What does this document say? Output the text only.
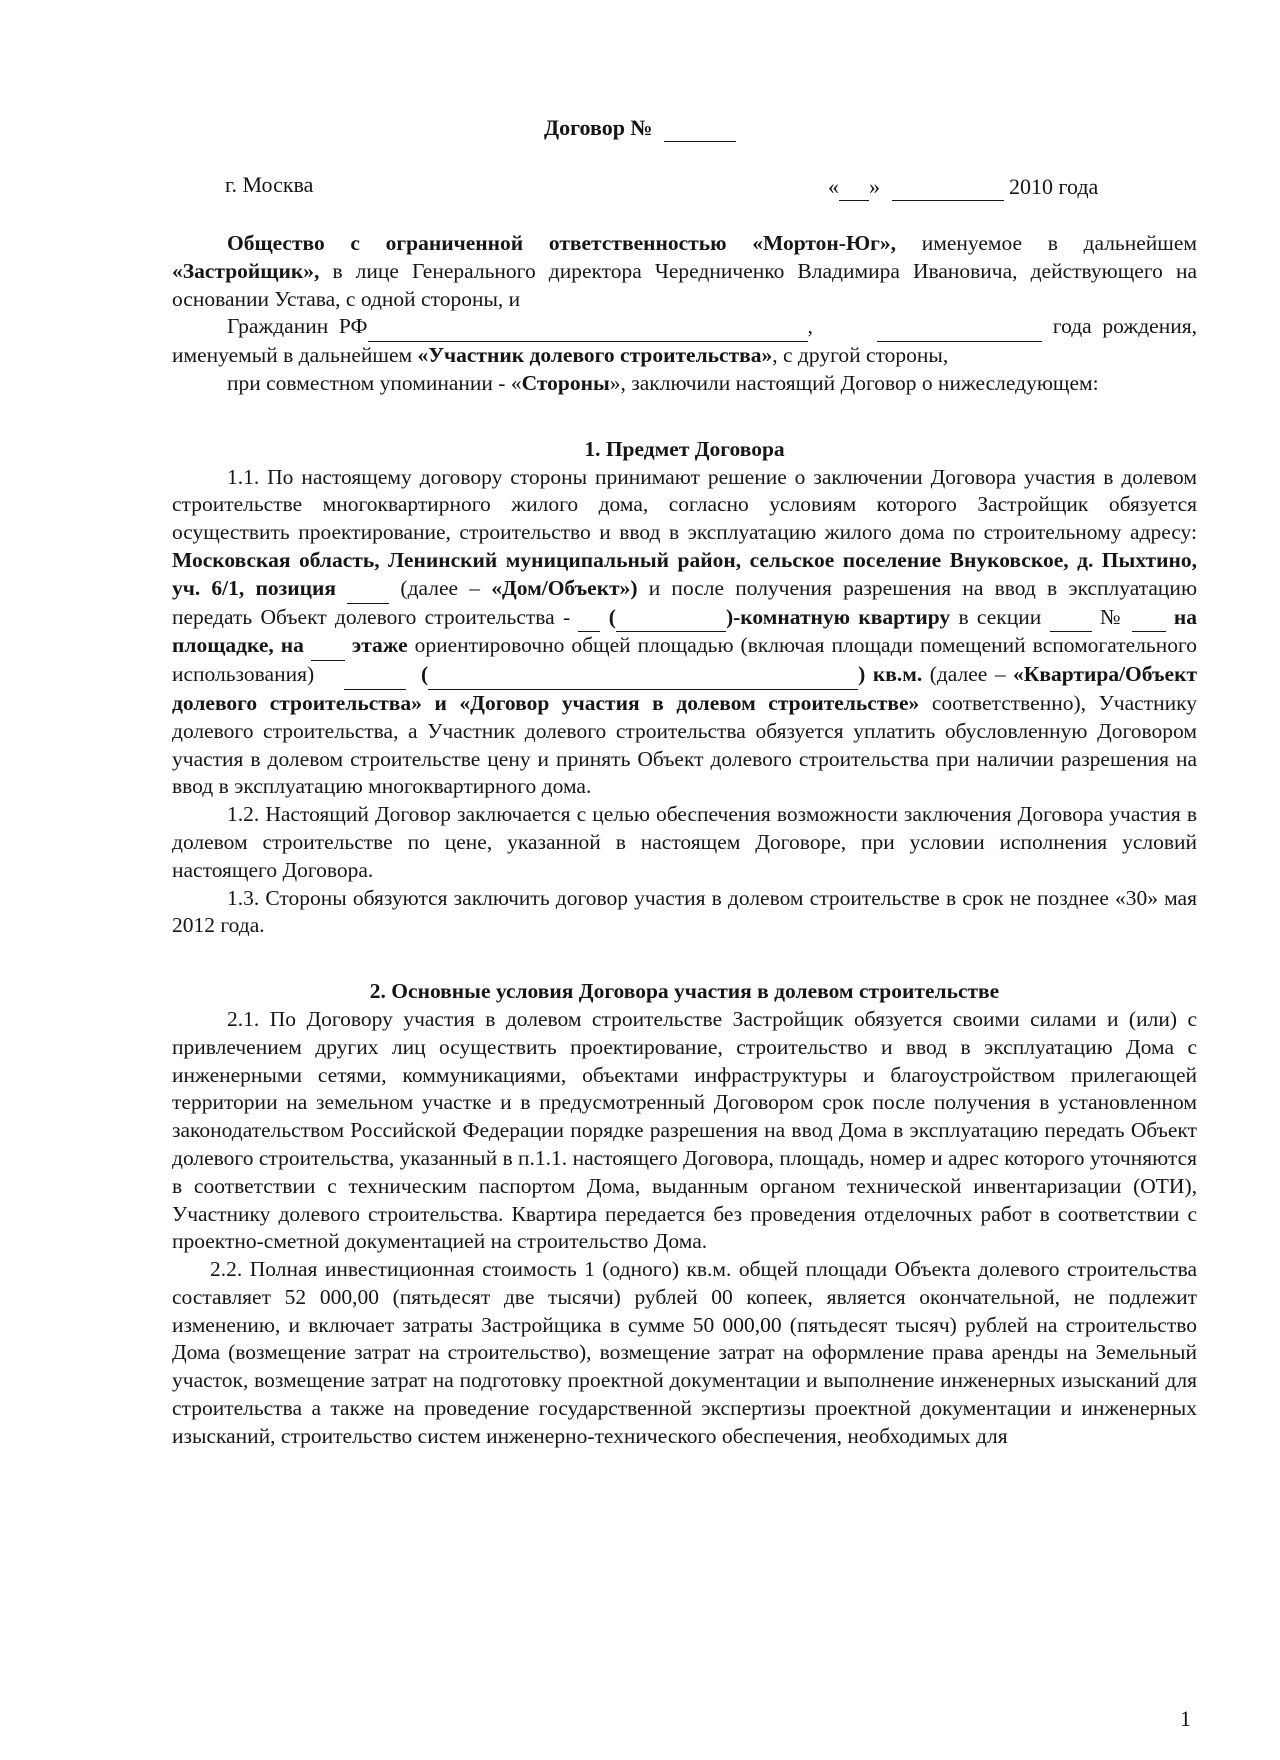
Договор №
г. Москва	« »	2010 года

Общество с ограниченной ответственностью «Мортон-Юг», именуемое в дальнейшем «Застройщик», в лице Генерального директора Чередниченко Владимира Ивановича, действующего на основании Устава, с одной стороны, и

Гражданин РФ	,	года рождения, именуемый в дальнейшем «Участник долевого строительства», с другой стороны,

при совместном упоминании - «Стороны», заключили настоящий Договор о нижеследующем:

1. Предмет Договора

1.1. По настоящему договору стороны принимают решение о заключении Договора участия в долевом строительстве многоквартирного жилого дома, согласно условиям которого Застройщик обязуется осуществить проектирование, строительство и ввод в эксплуатацию жилого дома по строительному адресу: Московская область, Ленинский муниципальный район, сельское поселение Внуковское, д. Пыхтино, уч. 6/1, позиция   (далее – «Дом/Объект») и после получения разрешения на ввод в эксплуатацию передать Объект долевого строительства -   (	)-комнатную квартиру в секции   №   на площадке, на   этаже ориентировочно общей площадью (включая площади помещений вспомогательного использования)	(	) кв.м. (далее – «Квартира/Объект долевого строительства» и «Договор участия в долевом строительстве» соответственно), Участнику долевого строительства, а Участник долевого строительства обязуется уплатить обусловленную Договором участия в долевом строительстве цену и принять Объект долевого строительства при наличии разрешения на ввод в эксплуатацию многоквартирного дома.

1.2. Настоящий Договор заключается с целью обеспечения возможности заключения Договора участия в долевом строительстве по цене, указанной в настоящем Договоре, при условии исполнения условий настоящего Договора.

1.3. Стороны обязуются заключить договор участия в долевом строительстве в срок не позднее «30» мая 2012 года.

2. Основные условия Договора участия в долевом строительстве

2.1. По Договору участия в долевом строительстве Застройщик обязуется своими силами и (или) с привлечением других лиц осуществить проектирование, строительство и ввод в эксплуатацию Дома с инженерными сетями, коммуникациями, объектами инфраструктуры и благоустройством прилегающей территории на земельном участке и в предусмотренный Договором срок после получения в установленном законодательством Российской Федерации порядке разрешения на ввод Дома в эксплуатацию передать Объект долевого строительства, указанный в п.1.1. настоящего Договора, площадь, номер и адрес которого уточняются в соответствии с техническим паспортом Дома, выданным органом технической инвентаризации (ОТИ), Участнику долевого строительства. Квартира передается без проведения отделочных работ в соответствии с проектно-сметной документацией на строительство Дома.

2.2. Полная инвестиционная стоимость 1 (одного) кв.м. общей площади Объекта долевого строительства составляет 52 000,00 (пятьдесят две тысячи) рублей 00 копеек, является окончательной, не подлежит изменению, и включает затраты Застройщика в сумме 50 000,00 (пятьдесят тысяч) рублей на строительство Дома (возмещение затрат на строительство), возмещение затрат на оформление права аренды на Земельный участок, возмещение затрат на подготовку проектной документации и выполнение инженерных изысканий для строительства а также на проведение государственной экспертизы проектной документации и инженерных изысканий, строительство систем инженерно-технического обеспечения, необходимых для

1
